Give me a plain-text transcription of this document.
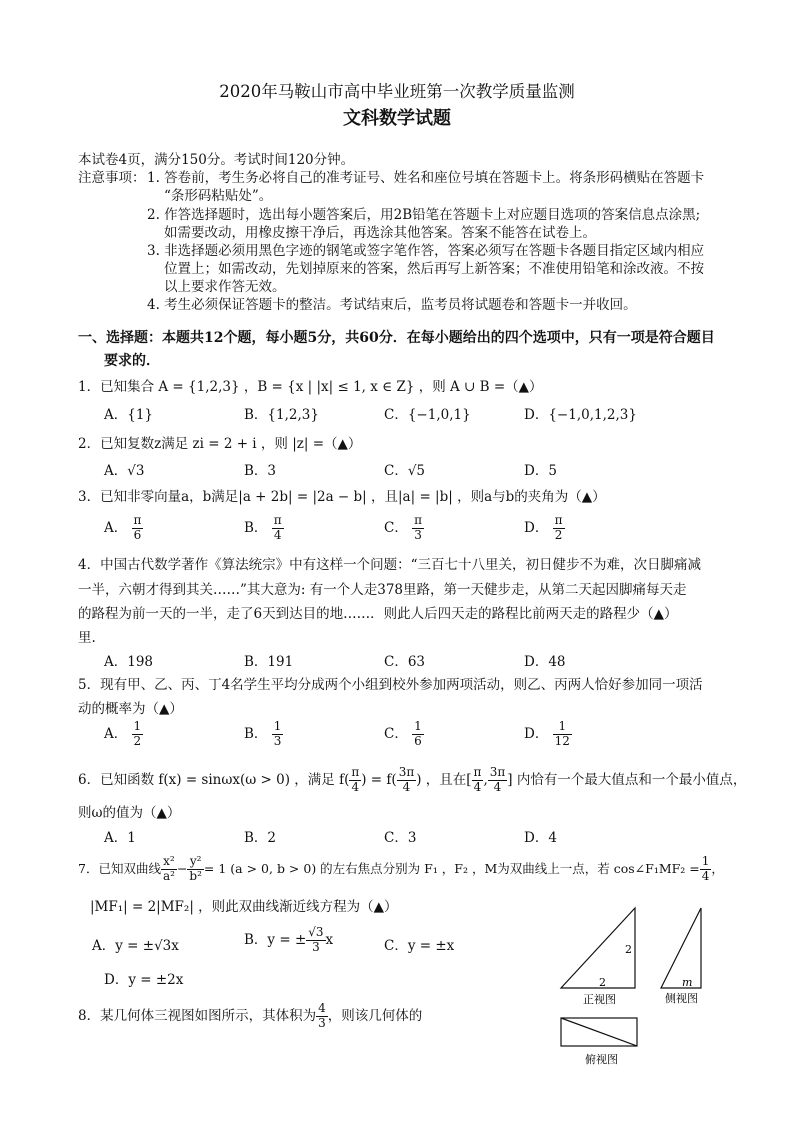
2020年马鞍山市高中毕业班第一次教学质量监测
文科数学试题
本试卷4页，满分150分。考试时间120分钟。
注意事项： 1. 答卷前，考生务必将自己的准考证号、姓名和座位号填在答题卡上。将条形码横贴在答题卡
“条形码粘贴处”。
2. 作答选择题时，选出每小题答案后，用2B铅笔在答题卡上对应题目选项的答案信息点涂黑;
如需要改动，用橡皮擦干净后，再选涂其他答案。答案不能答在试卷上。
3. 非选择题必须用黑色字迹的钢笔或签字笔作答，答案必须写在答题卡各题目指定区域内相应
位置上；如需改动，先划掉原来的答案，然后再写上新答案；不准使用铅笔和涂改液。不按
以上要求作答无效。
4. 考生必须保证答题卡的整洁。考试结束后，监考员将试题卷和答题卡一并收回。
一、选择题：本题共12个题，每小题5分，共60分．在每小题给出的四个选项中，只有一项是符合题目
要求的．
1．已知集合 A = {1,2,3} ，B = {x | |x| ≤ 1, x ∈ Z} ，则 A ∪ B =（▲）
A．{1}	B．{1,2,3}	C．{−1,0,1}	D．{−1,0,1,2,3}
2．已知复数z满足 zi = 2 + i ，则 |z| =（▲）
A．√3	B．3	C．√5	D．5
3．已知非零向量a，b满足|a + 2b| = |2a − b| ，且|a| = |b| ，则a与b的夹角为（▲）
A． $\frac{\pi}{6}$	B． $\frac{\pi}{4}$	C． $\frac{\pi}{3}$	D． $\frac{\pi}{2}$
4．中国古代数学著作《算法统宗》中有这样一个问题：“三百七十八里关，初日健步不为难，次日脚痛减
一半，六朝才得到其关……”其大意为: 有一个人走378里路，第一天健步走，从第二天起因脚痛每天走
的路程为前一天的一半，走了6天到达目的地……．则此人后四天走的路程比前两天走的路程少（▲）
里.
A．198	B．191	C．63	D．48
5．现有甲、乙、丙、丁4名学生平均分成两个小组到校外参加两项活动，则乙、丙两人恰好参加同一项活
动的概率为（▲）
A． $\frac{1}{2}$	B． $\frac{1}{3}$	C． $\frac{1}{6}$	D． $\frac{1}{12}$
6．已知函数 f(x) = sinωx(ω > 0) ，满足 $f( \frac{\pi}{4}$ ) = $f( \frac{3\pi}{4}$ ) ，且在[ $\frac{\pi}{4}$ , $\frac{3\pi}{4}$ ] 内恰有一个最大值点和一个最小值点，
则ω的值为（▲）
A．1	B．2	C．3	D．4
7．已知双曲线 $\frac{\text{x²}}{\text{a²}} - \frac{\text{y²}}{\text{b²}} = 1$ (a > 0, b > 0) 的左右焦点分别为 F₁ ，F₂ ，M为双曲线上一点，若 cos∠F₁MF₂ = $\frac{1}{4}$ ，
|MF₁| = 2|MF₂| ，则此双曲线渐近线方程为（▲）
A．y = ±√3x	B．y = ± $\frac{√3}{3}$ x	C．y = ±x
D．y = ±2x
8．某几何体三视图如图所示，其体积为 $\frac{4}{3}$ ，则该几何体的
2
2
正视图
m
侧视图
俯视图
